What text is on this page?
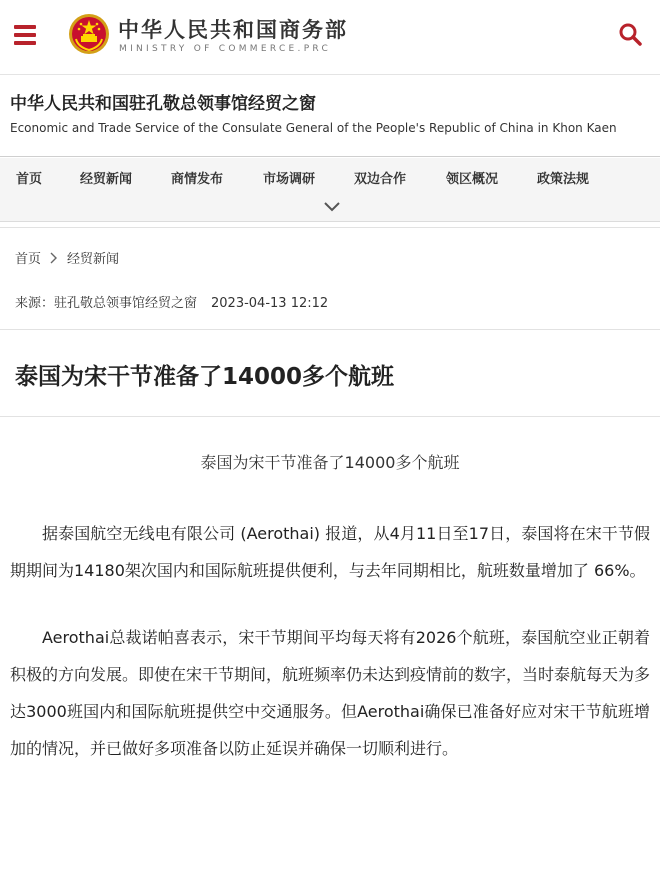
中华人民共和国商务部
MINISTRY OF COMMERCE.PRC
中华人民共和国驻孔敬总领事馆经贸之窗
Economic and Trade Service of the Consulate General of the People's Republic of China in Khon Kaen
首页	经贸新闻	商情发布	市场调研	双边合作	领区概况	政策法规
首页 经贸新闻
来源：驻孔敬总领事馆经贸之窗 2023-04-13 12:12
泰国为宋干节准备了14000多个航班
泰国为宋干节准备了14000多个航班

据泰国航空无线电有限公司 (Aerothai) 报道，从4月11日至17日，泰国将在宋干节假期期间为14180架次国内和国际航班提供便利，与去年同期相比，航班数量增加了 66%。

Aerothai总裁诺帕喜表示，宋干节期间平均每天将有2026个航班，泰国航空业正朝着积极的方向发展。即使在宋干节期间，航班频率仍未达到疫情前的数字，当时泰航每天为多达3000班国内和国际航班提供空中交通服务。但Aerothai确保已准备好应对宋干节航班增加的情况，并已做好多项准备以防止延误并确保一切顺利进行。
